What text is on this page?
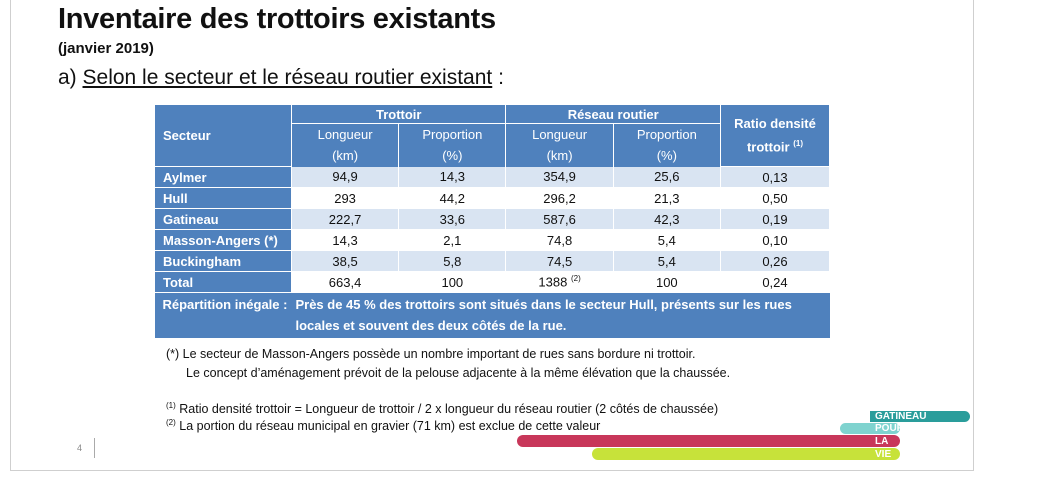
Inventaire des trottoirs existants
(janvier 2019)
a) Selon le secteur et le réseau routier existant :
Secteur	Trottoir		Réseau routier		Ratio densité
trottoir $^{(1)}$
	Longueur	Proportion	Longueur	Proportion	
	(km)	(%)	(km)	(%)	
Aylmer	94,9	14,3	354,9	25,6	0,13
Hull	293	44,2	296,2	21,3	0,50
Gatineau	222,7	33,6	587,6	42,3	0,19
Masson-Angers (*)	14,3	2,1	74,8	5,4	0,10
Buckingham	38,5	5,8	74,5	5,4	0,26
Total	663,4	100	1388 $^{(2)}$	100	0,24
Répartition inégale :	Près de 45 % des trottoirs sont situés dans le secteur Hull, présents sur les rues locales et souvent des deux côtés de la rue.				
(*) Le secteur de Masson-Angers possède un nombre important de rues sans bordure ni trottoir.
Le concept d’aménagement prévoit de la pelouse adjacente à la même élévation que la chaussée.
$^{(1)}$ Ratio densité trottoir = Longueur de trottoir / 2 x longueur du réseau routier (2 côtés de chaussée)
$^{(2)}$ La portion du réseau municipal en gravier (71 km) est exclue de cette valeur
4
GATINEAU
POUR
LA
VIE
